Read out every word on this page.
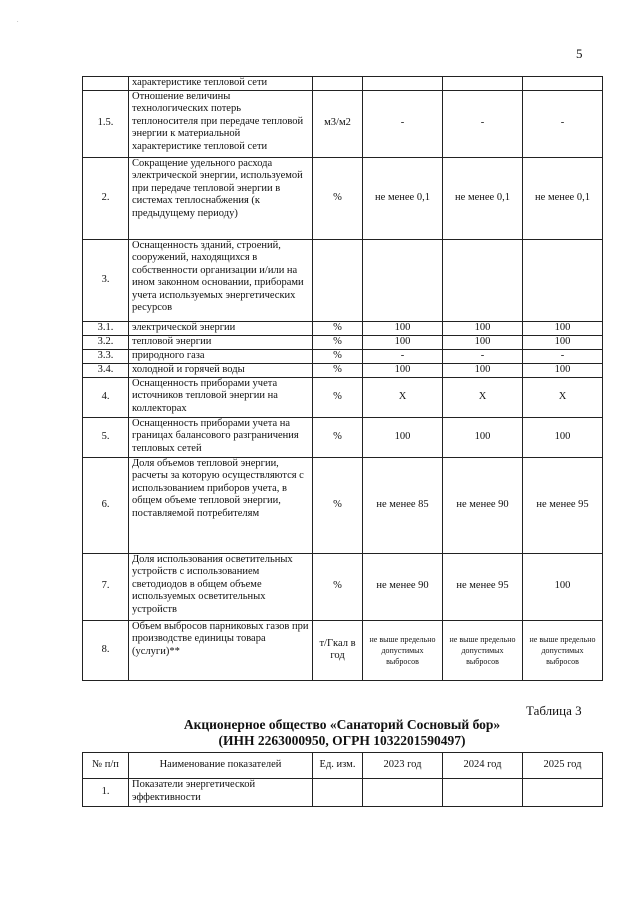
.
5
	характеристике тепловой сети				
1.5.	Отношение величины технологических потерь теплоносителя при передаче тепловой энергии к материальной характеристике тепловой сети	м3/м2	-	-	-
2.	Сокращение удельного расхода электрической энергии, используемой при передаче тепловой энергии в системах теплоснабжения (к предыдущему периоду)	%	не менее 0,1	не менее 0,1	не менее 0,1
3.	Оснащенность зданий, строений, сооружений, находящихся в собственности организации и/или на ином законном основании, приборами учета используемых энергетических ресурсов				
3.1.	электрической энергии	%	100	100	100
3.2.	тепловой энергии	%	100	100	100
3.3.	природного газа	%	-	-	-
3.4.	холодной и горячей воды	%	100	100	100
4.	Оснащенность приборами учета источников тепловой энергии на коллекторах	%	Х	Х	Х
5.	Оснащенность приборами учета на границах балансового разграничения тепловых сетей	%	100	100	100
6.	Доля объемов тепловой энергии, расчеты за которую осуществляются с использованием приборов учета, в общем объеме тепловой энергии, поставляемой потребителям	%	не менее 85	не менее 90	не менее 95
7.	Доля использования осветительных устройств с использованием светодиодов в общем объеме используемых осветительных устройств	%	не менее 90	не менее 95	100
8.	Объем выбросов парниковых газов при производстве единицы товара (услуги)**	т/Гкал в год	не выше предельно допустимых выбросов	не выше предельно допустимых выбросов	не выше предельно допустимых выбросов
Таблица 3
Акционерное общество «Санаторий Сосновый бор»
(ИНН 2263000950, ОГРН 1032201590497)
№ п/п	Наименование показателей	Ед. изм.	2023 год	2024 год	2025 год
1.	Показатели энергетической эффективности				
